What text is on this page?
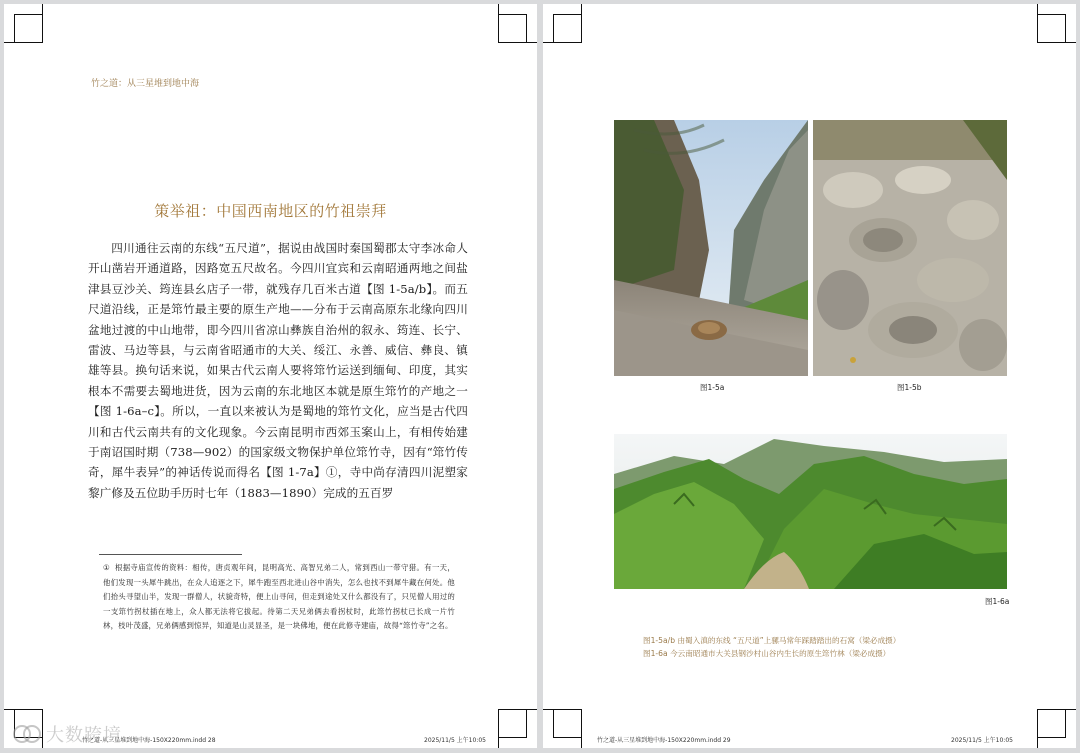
竹之道：从三星堆到地中海
策举祖：中国西南地区的竹祖崇拜
四川通往云南的东线“五尺道”，据说由战国时秦国蜀郡太守李冰命人开山凿岩开通道路，因路宽五尺故名。今四川宜宾和云南昭通两地之间盐津县豆沙关、筠连县幺店子一带，就残存几百米古道【图 1-5a/b】。而五尺道沿线，正是筇竹最主要的原生产地——分布于云南高原东北缘向四川盆地过渡的中山地带，即今四川省凉山彝族自治州的叙永、筠连、长宁、雷波、马边等县，与云南省昭通市的大关、绥江、永善、威信、彝良、镇雄等县。换句话来说，如果古代云南人要将筇竹运送到缅甸、印度，其实根本不需要去蜀地进货，因为云南的东北地区本就是原生筇竹的产地之一【图 1-6a–c】。所以，一直以来被认为是蜀地的筇竹文化，应当是古代四川和古代云南共有的文化现象。今云南昆明市西郊玉案山上，有相传始建于南诏国时期（738—902）的国家级文物保护单位筇竹寺，因有“筇竹传奇，犀牛表异”的神话传说而得名【图 1-7a】①，寺中尚存清四川泥塑家黎广修及五位助手历时七年（1883—1890）完成的五百罗
① 根据寺庙宣传的资料：相传，唐贞观年间，昆明高光、高智兄弟二人，常到西山一带守猎。有一天，他们发现一头犀牛跳出，在众人追逐之下，犀牛跑至西北进山谷中消失，怎么也找不到犀牛藏在何处。他们抬头寻望山半，发现一群僧人，状貌奇特，便上山寻问，但走到途处又什么都没有了，只见僧人用过的一支筇竹拐杖插在地上，众人都无法将它拔起。待第二天兄弟俩去看拐杖时，此筇竹拐杖已长成一片竹林，枝叶茂盛，兄弟俩感到惊异，知道是山灵显圣，是一块佛地，便在此修寺建庙，故得“筇竹寺”之名。
竹之道-从三星堆到地中海-150X220mm.indd 28	2025/11/5 上午10:05
大数跨境
图1-5a	图1-5b
图1-6a
图1-5a/b 由蜀入滇的东线 “五尺道”上骡马常年踩踏踏出的石窝（梁必成摄）
图1-6a 今云南昭通市大关县钢沙村山谷内生长的原生筇竹林（梁必成摄）
竹之道-从三星堆到地中海-150X220mm.indd 29	2025/11/5 上午10:05
